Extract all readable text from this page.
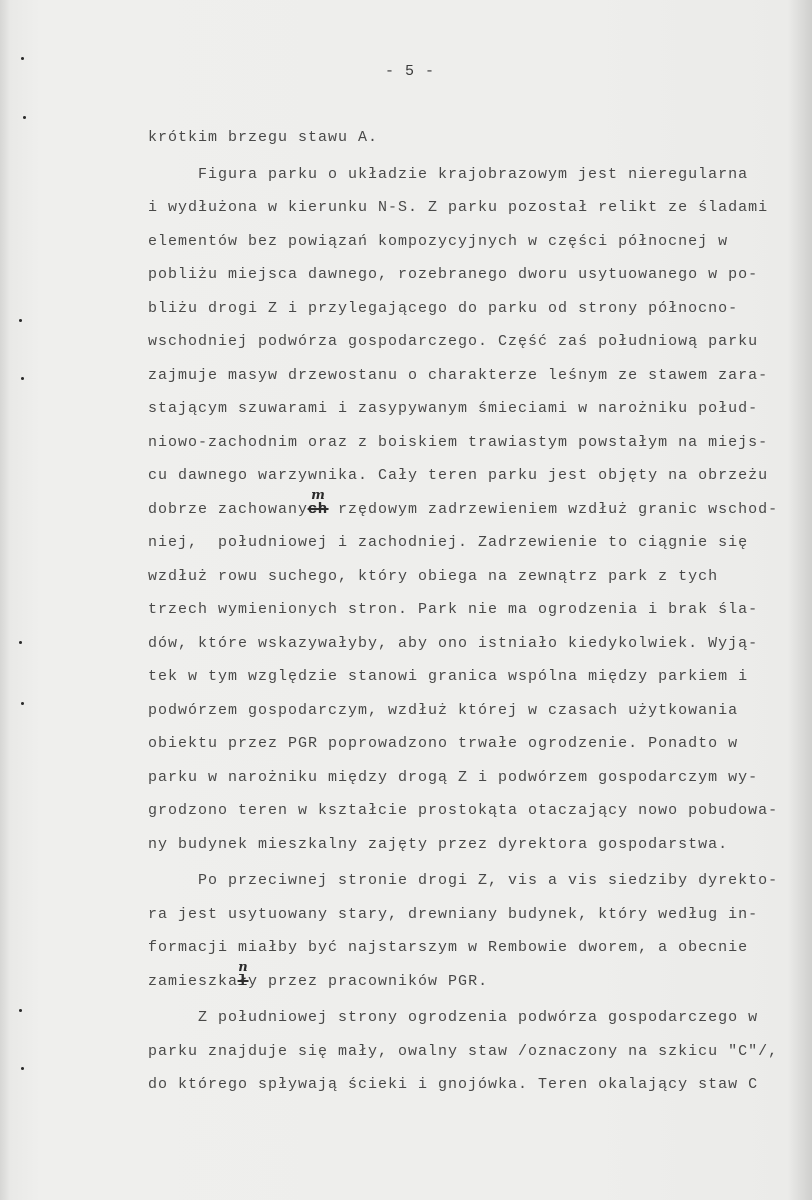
- 5 -
krótkim brzegu stawu A.
Figura parku o układzie krajobrazowym jest nieregularna
i wydłużona w kierunku N-S. Z parku pozostał relikt ze śladami
elementów bez powiązań kompozycyjnych w części północnej w
pobliżu miejsca dawnego, rozebranego dworu usytuowanego w po-
bliżu drogi Z i przylegającego do parku od strony północno-
wschodniej podwórza gospodarczego. Część zaś południową parku
zajmuje masyw drzewostanu o charakterze leśnym ze stawem zara-
stającym szuwarami i zasypywanym śmieciami w narożniku połud-
niowo-zachodnim oraz z boiskiem trawiastym powstałym na miejs-
cu dawnego warzywnika. Cały teren parku jest objęty na obrzeżu
dobrze zachowanych
m
rzędowym zadrzewieniem wzdłuż granic wschod-
niej,  południowej i zachodniej. Zadrzewienie to ciągnie się
wzdłuż rowu suchego, który obiega na zewnątrz park z tych
trzech wymienionych stron. Park nie ma ogrodzenia i brak śla-
dów, które wskazywałyby, aby ono istniało kiedykolwiek. Wyją-
tek w tym względzie stanowi granica wspólna między parkiem i
podwórzem gospodarczym, wzdłuż której w czasach użytkowania
obiektu przez PGR poprowadzono trwałe ogrodzenie. Ponadto w
parku w narożniku między drogą Z i podwórzem gospodarczym wy-
grodzono teren w kształcie prostokąta otaczający nowo pobudowa-
ny budynek mieszkalny zajęty przez dyrektora gospodarstwa.
Po przeciwnej stronie drogi Z, vis a vis siedziby dyrekto-
ra jest usytuowany stary, drewniany budynek, który według in-
formacji miałby być najstarszym w Rembowie dworem, a obecnie
zamieszkał
n
y przez pracowników PGR.
Z południowej strony ogrodzenia podwórza gospodarczego w
parku znajduje się mały, owalny staw /oznaczony na szkicu "C"/,
do którego spływają ścieki i gnojówka. Teren okalający staw C
